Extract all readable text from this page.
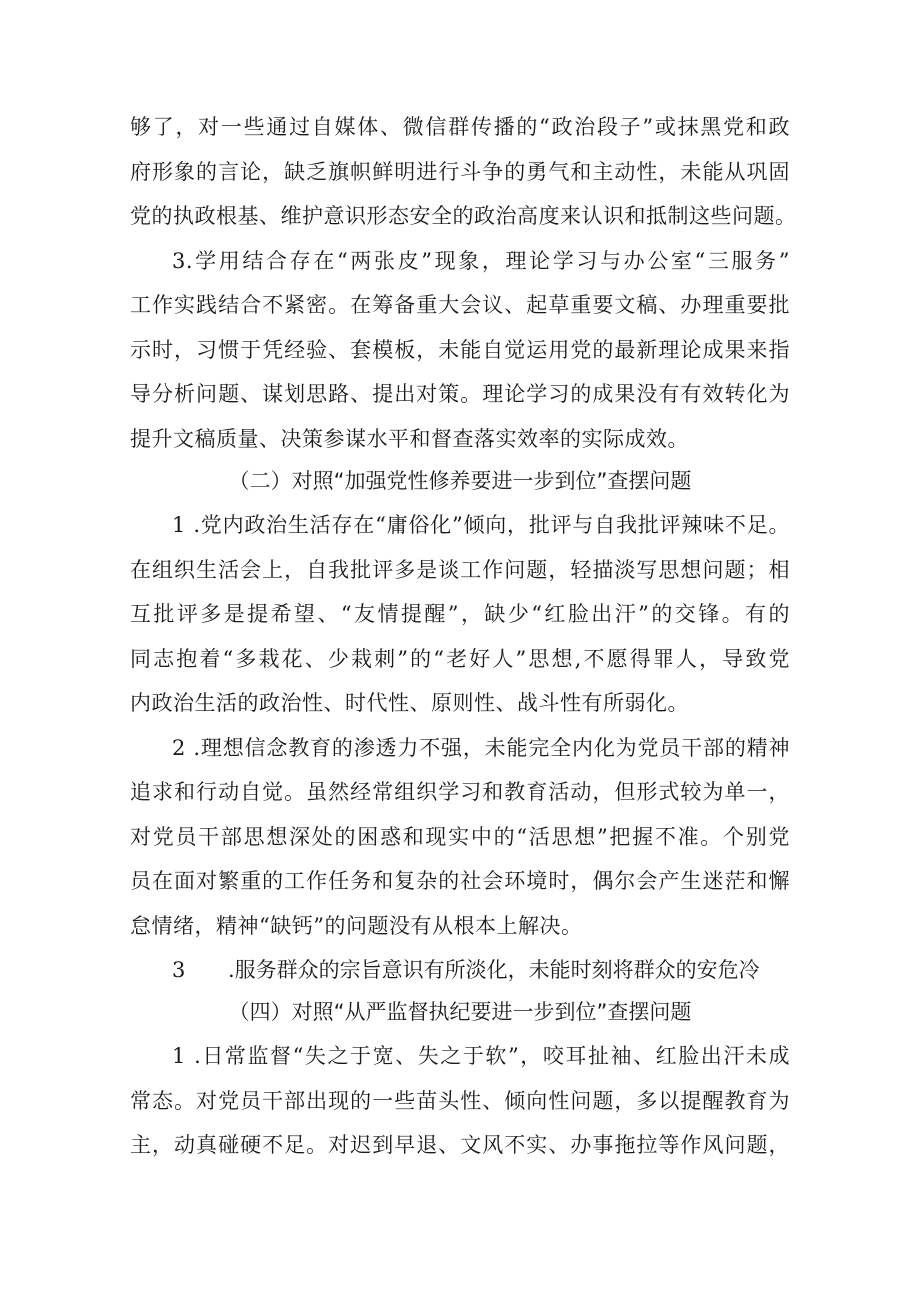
够了，对一些通过自媒体、微信群传播的“政治段子”或抹黑党和政
府形象的言论，缺乏旗帜鲜明进行斗争的勇气和主动性，未能从巩固
党的执政根基、维护意识形态安全的政治高度来认识和抵制这些问题。
3.学用结合存在“两张皮”现象，理论学习与办公室“三服务”
工作实践结合不紧密。在筹备重大会议、起草重要文稿、办理重要批
示时，习惯于凭经验、套模板，未能自觉运用党的最新理论成果来指
导分析问题、谋划思路、提出对策。理论学习的成果没有有效转化为
提升文稿质量、决策参谋水平和督查落实效率的实际成效。
（二）对照“加强党性修养要进一步到位”查摆问题
1 .党内政治生活存在“庸俗化”倾向，批评与自我批评辣味不足。
在组织生活会上，自我批评多是谈工作问题，轻描淡写思想问题；相
互批评多是提希望、“友情提醒”，缺少“红脸出汗”的交锋。有的
同志抱着“多栽花、少栽刺”的“老好人”思想,不愿得罪人，导致党
内政治生活的政治性、时代性、原则性、战斗性有所弱化。
2 .理想信念教育的渗透力不强，未能完全内化为党员干部的精神
追求和行动自觉。虽然经常组织学习和教育活动，但形式较为单一，
对党员干部思想深处的困惑和现实中的“活思想”把握不准。个别党
员在面对繁重的工作任务和复杂的社会环境时，偶尔会产生迷茫和懈
怠情绪，精神“缺钙”的问题没有从根本上解决。
3 .服务群众的宗旨意识有所淡化，未能时刻将群众的安危冷
（四）对照“从严监督执纪要进一步到位”查摆问题
1 .日常监督“失之于宽、失之于软”，咬耳扯袖、红脸出汗未成
常态。对党员干部出现的一些苗头性、倾向性问题，多以提醒教育为
主，动真碰硬不足。对迟到早退、文风不实、办事拖拉等作风问题，
